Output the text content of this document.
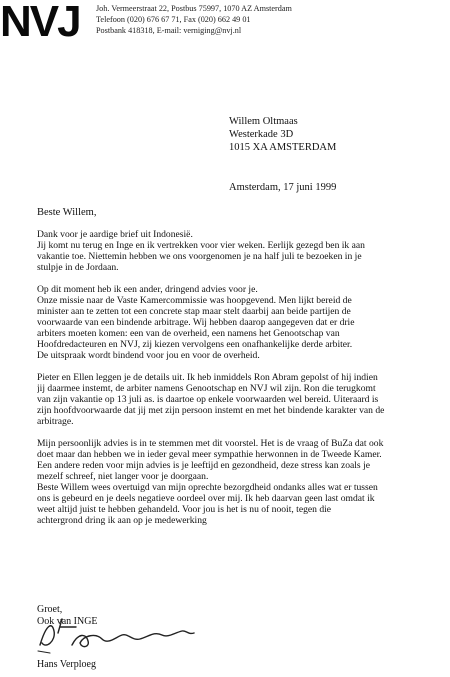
NVJ Joh. Vermeerstraat 22, Postbus 75997, 1070 AZ Amsterdam
Telefoon (020) 676 67 71, Fax (020) 662 49 01
Postbank 418318, E-mail: verniging@nvj.nl
Willem Oltmaas
Westerkade 3D
1015 XA AMSTERDAM
Amsterdam, 17 juni 1999
Beste Willem,
Dank voor je aardige brief uit Indonesië.
Jij komt nu terug en Inge en ik vertrekken voor vier weken. Eerlijk gezegd ben ik aan
vakantie toe. Niettemin hebben we ons voorgenomen je na half juli te bezoeken in je
stulpje in de Jordaan.
Op dit moment heb ik een ander, dringend advies voor je.
Onze missie naar de Vaste Kamercommissie was hoopgevend. Men lijkt bereid de
minister aan te zetten tot een concrete stap maar stelt daarbij aan beide partijen de
voorwaarde van een bindende arbitrage. Wij hebben daarop aangegeven dat er drie
arbiters moeten komen: een van de overheid, een namens het Genootschap van
Hoofdredacteuren en NVJ, zij kiezen vervolgens een onafhankelijke derde arbiter.
De uitspraak wordt bindend voor jou en voor de overheid.
Pieter en Ellen leggen je de details uit. Ik heb inmiddels Ron Abram gepolst of hij indien
jij daarmee instemt, de arbiter namens Genootschap en NVJ wil zijn. Ron die terugkomt
van zijn vakantie op 13 juli as. is daartoe op enkele voorwaarden wel bereid. Uiteraard is
zijn hoofdvoorwaarde dat jij met zijn persoon instemt en met het bindende karakter van de
arbitrage.
Mijn persoonlijk advies is in te stemmen met dit voorstel. Het is de vraag of BuZa dat ook
doet maar dan hebben we in ieder geval meer sympathie herwonnen in de Tweede Kamer.
Een andere reden voor mijn advies is je leeftijd en gezondheid, deze stress kan zoals je
mezelf schreef, niet langer voor je doorgaan.
Beste Willem wees overtuigd van mijn oprechte bezorgdheid ondanks alles wat er tussen
ons is gebeurd en je deels negatieve oordeel over mij. Ik heb daarvan geen last omdat ik
weet altijd juist te hebben gehandeld. Voor jou is het is nu of nooit, tegen die
achtergrond dring ik aan op je medewerking
Groet,
Ook van INGE
Hans Verploeg
